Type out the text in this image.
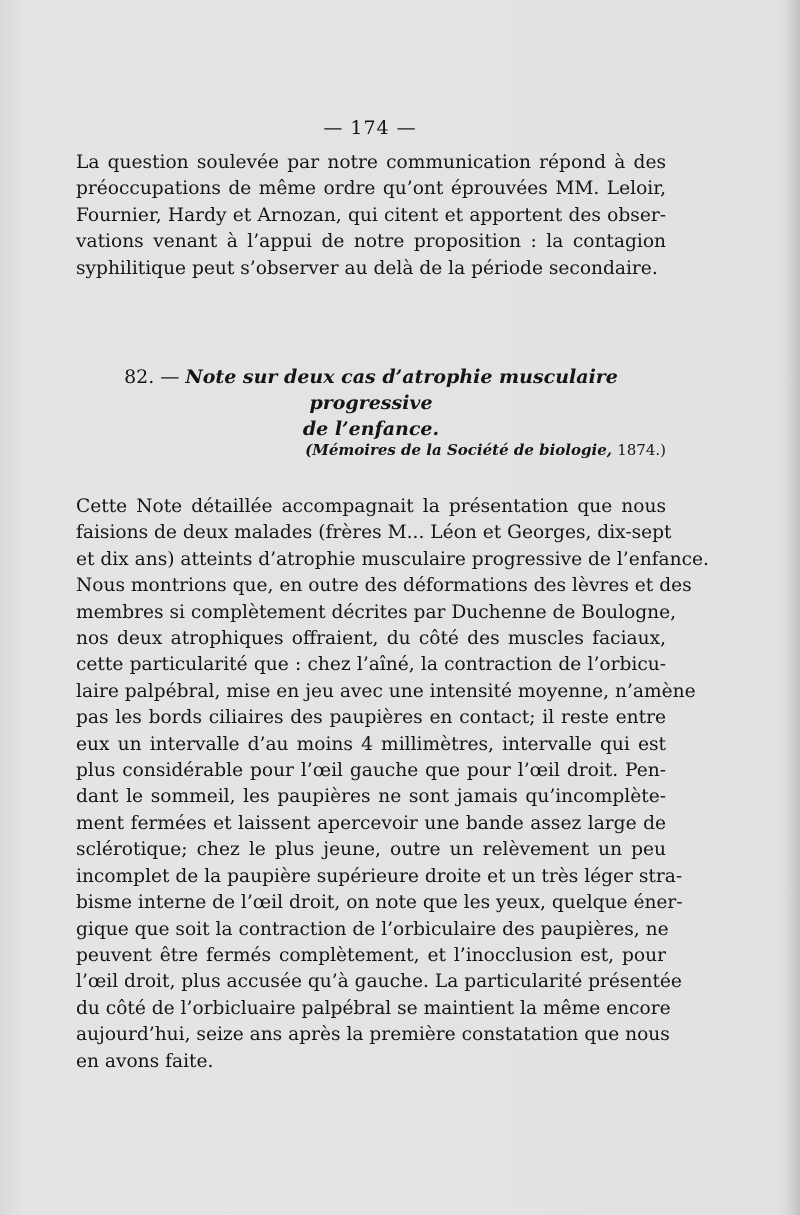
— 174 —
La question soulevée par notre communication répond à des
préoccupations de même ordre qu’ont éprouvées MM. Leloir,
Fournier, Hardy et Arnozan, qui citent et apportent des obser-
vations venant à l’appui de notre proposition : la contagion
syphilitique peut s’observer au delà de la période secondaire.
82. — Note sur deux cas d’atrophie musculaire progressive
de l’enfance.
(Mémoires de la Société de biologie, 1874.)
Cette Note détaillée accompagnait la présentation que nous
faisions de deux malades (frères M... Léon et Georges, dix-sept
et dix ans) atteints d’atrophie musculaire progressive de l’enfance.
Nous montrions que, en outre des déformations des lèvres et des
membres si complètement décrites par Duchenne de Boulogne,
nos deux atrophiques offraient, du côté des muscles faciaux,
cette particularité que : chez l’aîné, la contraction de l’orbicu-
laire palpébral, mise en jeu avec une intensité moyenne, n’amène
pas les bords ciliaires des paupières en contact; il reste entre
eux un intervalle d’au moins 4 millimètres, intervalle qui est
plus considérable pour l’œil gauche que pour l’œil droit. Pen-
dant le sommeil, les paupières ne sont jamais qu’incomplète-
ment fermées et laissent apercevoir une bande assez large de
sclérotique; chez le plus jeune, outre un relèvement un peu
incomplet de la paupière supérieure droite et un très léger stra-
bisme interne de l’œil droit, on note que les yeux, quelque éner-
gique que soit la contraction de l’orbiculaire des paupières, ne
peuvent être fermés complètement, et l’inocclusion est, pour
l’œil droit, plus accusée qu’à gauche. La particularité présentée
du côté de l’orbicluaire palpébral se maintient la même encore
aujourd’hui, seize ans après la première constatation que nous
en avons faite.
